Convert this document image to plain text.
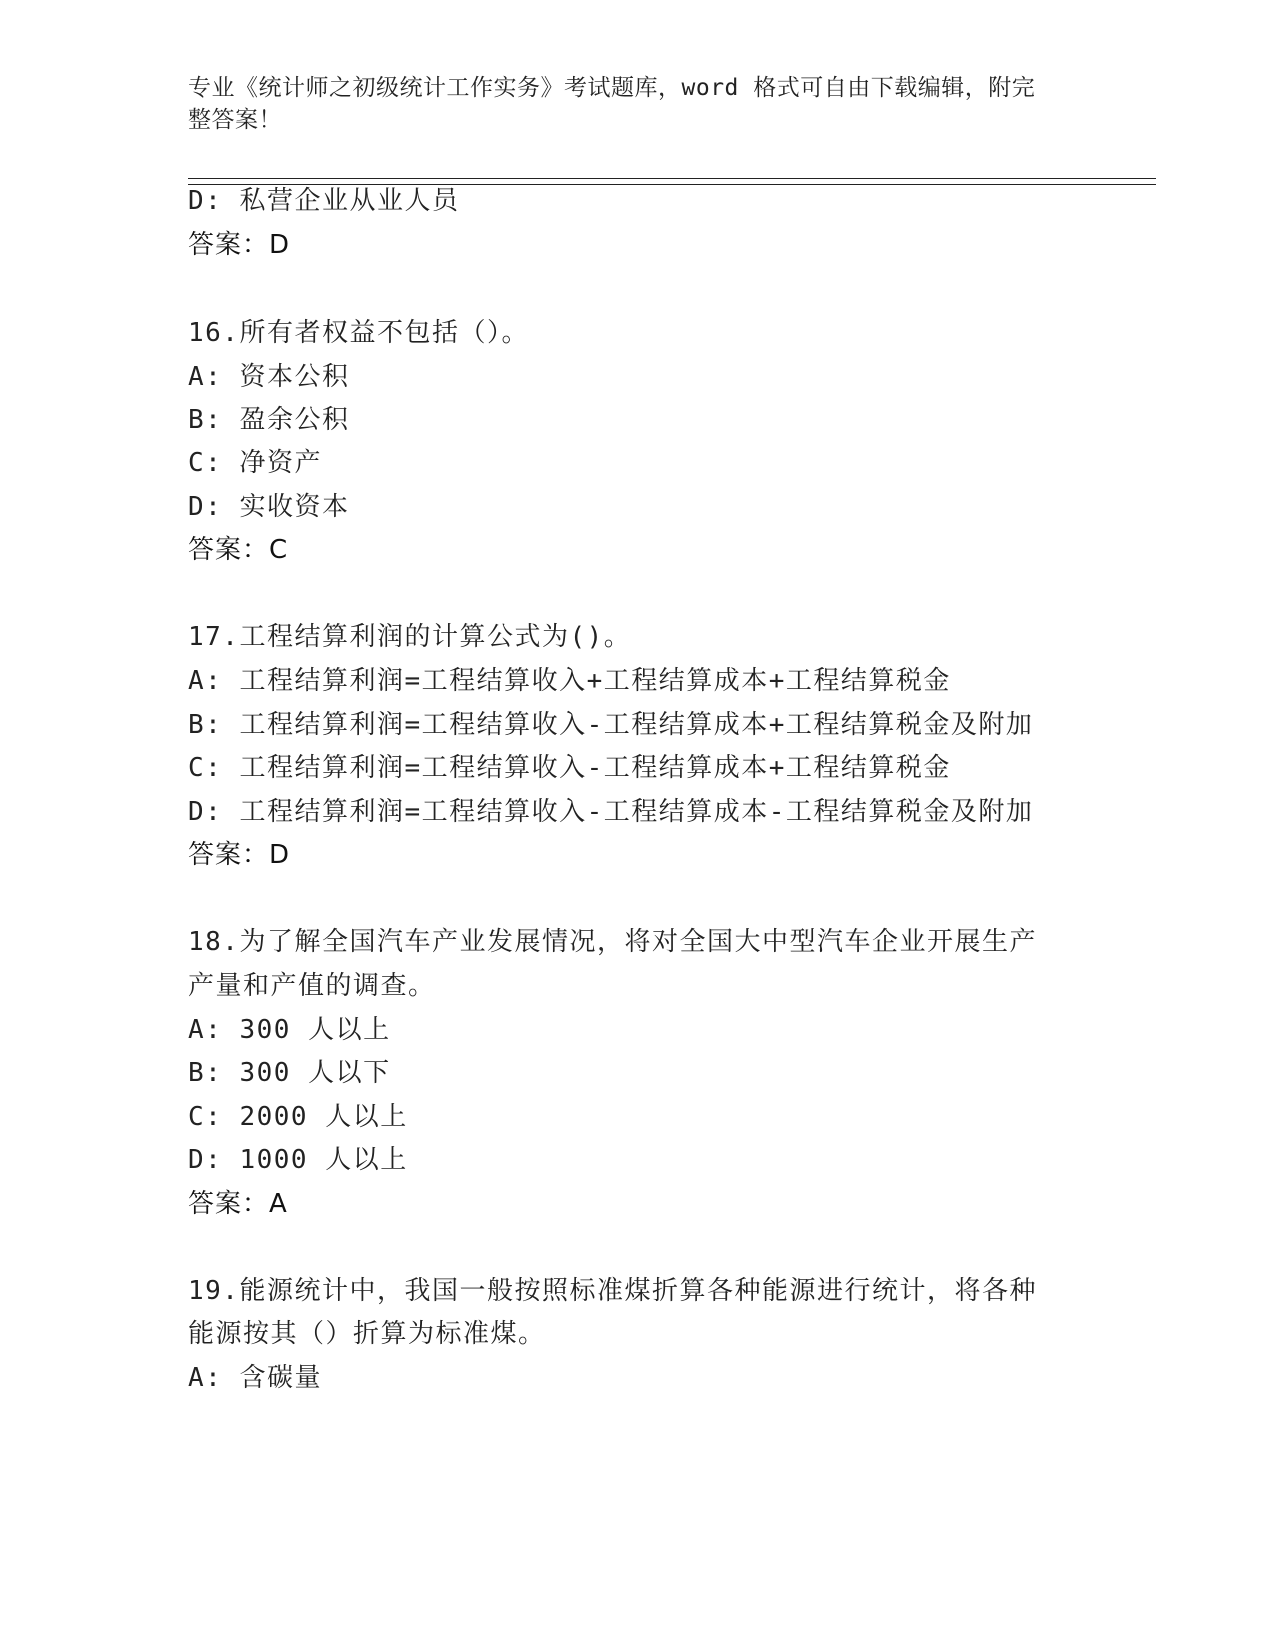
专业《统计师之初级统计工作实务》考试题库，word 格式可自由下载编辑，附完
整答案！
D: 私营企业从业人员
答案：D
16.所有者权益不包括（）。
A: 资本公积
B: 盈余公积
C: 净资产
D: 实收资本
答案：C
17.工程结算利润的计算公式为()。
A: 工程结算利润=工程结算收入+工程结算成本+工程结算税金
B: 工程结算利润=工程结算收入-工程结算成本+工程结算税金及附加
C: 工程结算利润=工程结算收入-工程结算成本+工程结算税金
D: 工程结算利润=工程结算收入-工程结算成本-工程结算税金及附加
答案：D
18.为了解全国汽车产业发展情况，将对全国大中型汽车企业开展生产
产量和产值的调查。
A: 300 人以上
B: 300 人以下
C: 2000 人以上
D: 1000 人以上
答案：A
19.能源统计中，我国一般按照标准煤折算各种能源进行统计，将各种
能源按其（）折算为标准煤。
A: 含碳量
